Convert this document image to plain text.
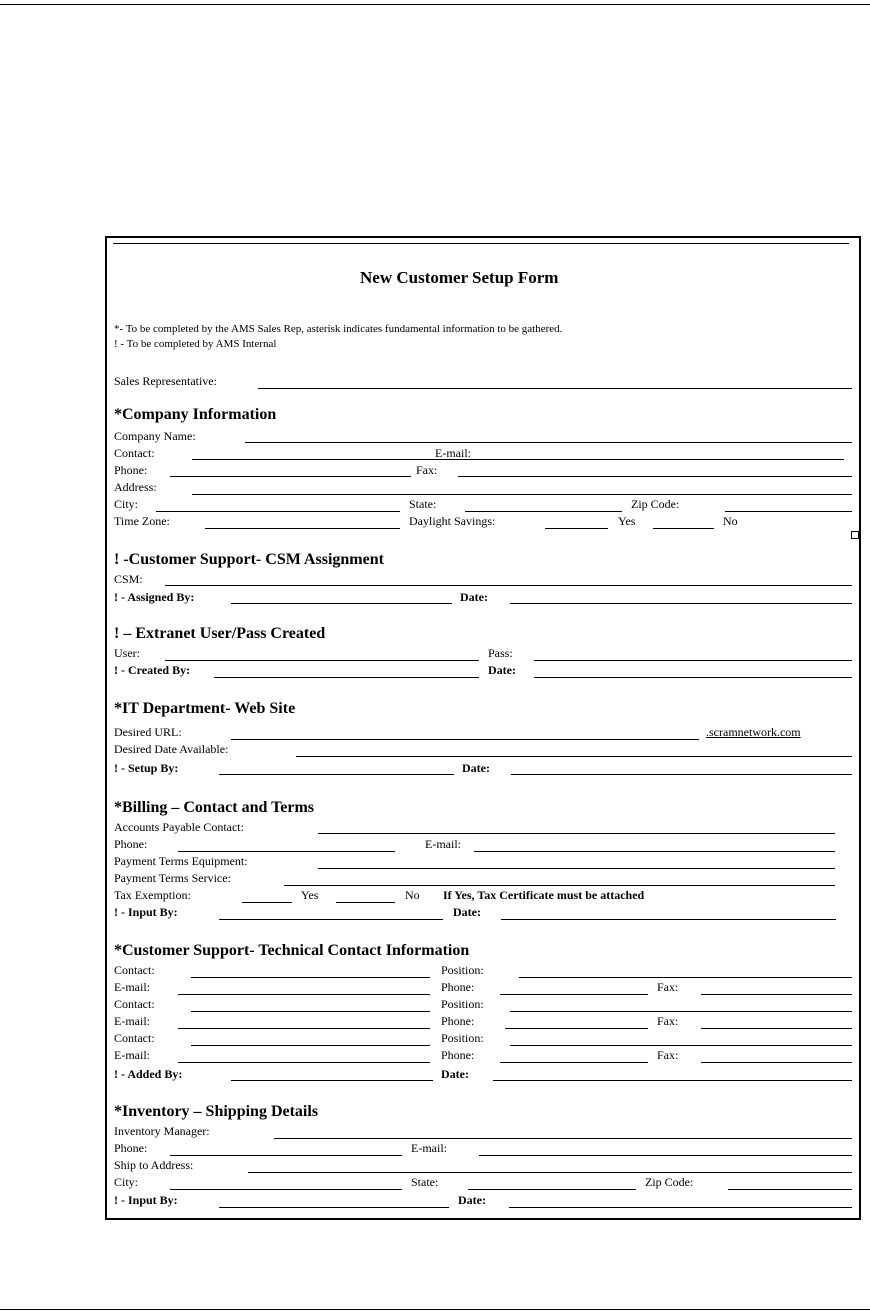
New Customer Setup Form
*- To be completed by the AMS Sales Rep, asterisk indicates fundamental information to be gathered.
! - To be completed by AMS Internal
Sales Representative:
*Company Information
Company Name:
Contact:	E-mail:
Phone:	Fax:
Address:
City:	State:	Zip Code:
Time Zone:	Daylight Savings:	Yes	No
! -Customer Support- CSM Assignment
CSM:
! - Assigned By:	Date:
! – Extranet User/Pass Created
User:	Pass:
! - Created By:	Date:
*IT Department- Web Site
Desired URL:	.scramnetwork.com
Desired Date Available:
! - Setup By:	Date:
*Billing – Contact and Terms
Accounts Payable Contact:
Phone:	E-mail:
Payment Terms Equipment:
Payment Terms Service:
Tax Exemption:	Yes	No If Yes, Tax Certificate must be attached
! - Input By:	Date:
*Customer Support- Technical Contact Information
Contact:	Position:
E-mail:	Phone:	Fax:
Contact:	Position:
E-mail:	Phone:	Fax:
Contact:	Position:
E-mail:	Phone:	Fax:
! - Added By:	Date:
*Inventory – Shipping Details
Inventory Manager:
Phone:	E-mail:
Ship to Address:
City:	State:	Zip Code:
! - Input By:	Date:
